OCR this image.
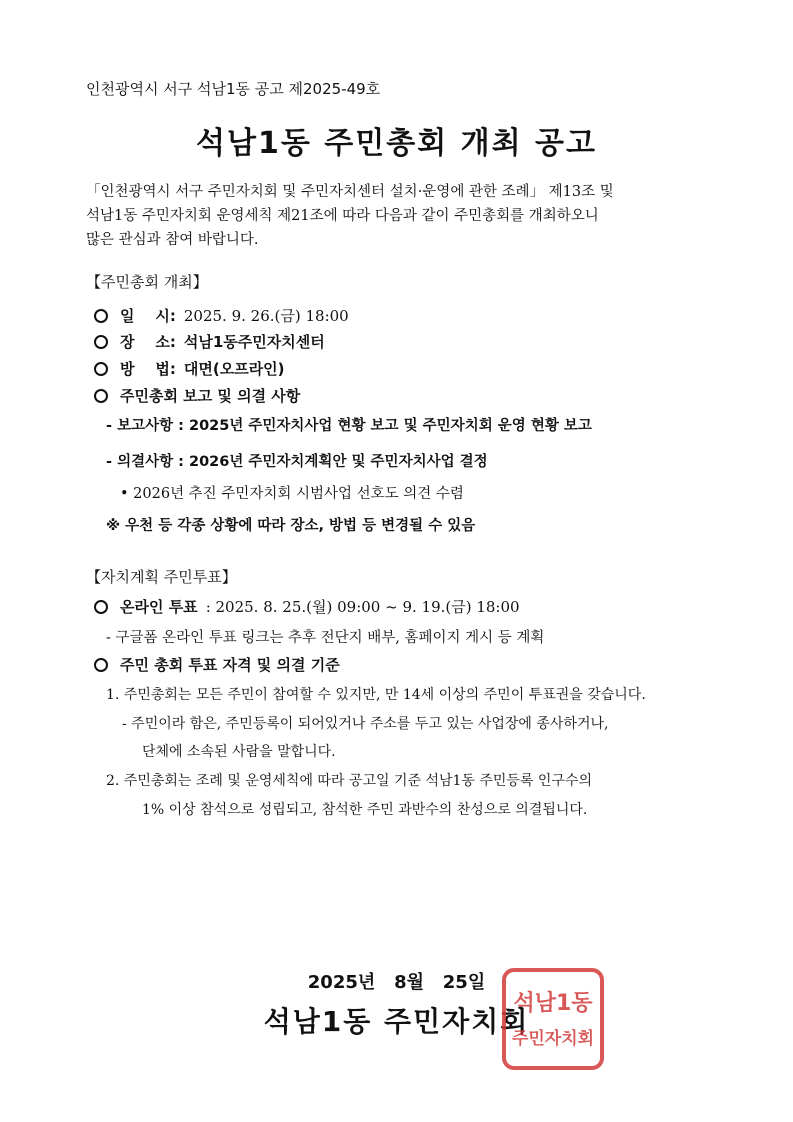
인천광역시 서구 석남1동 공고 제2025-49호
석남1동 주민총회 개최 공고
「인천광역시 서구 주민자치회 및 주민자치센터 설치·운영에 관한 조례」 제13조 및
석남1동 주민자치회 운영세칙 제21조에 따라 다음과 같이 주민총회를 개최하오니
많은 관심과 참여 바랍니다.
【주민총회 개최】
일    시: 2025. 9. 26.(금) 18:00
장    소: 석남1동주민자치센터
방    법: 대면(오프라인)
주민총회 보고 및 의결 사항
- 보고사항 : 2025년 주민자치사업 현황 보고 및 주민자치회 운영 현황 보고
- 의결사항 : 2026년 주민자치계획안 및 주민자치사업 결정
• 2026년 추진 주민자치회 시범사업 선호도 의견 수렴
※ 우천 등 각종 상황에 따라 장소, 방법 등 변경될 수 있음
【자치계획 주민투표】
온라인 투표 : 2025. 8. 25.(월) 09:00 ~ 9. 19.(금) 18:00
- 구글폼 온라인 투표 링크는 추후 전단지 배부, 홈페이지 게시 등 계획
주민 총회 투표 자격 및 의결 기준
1. 주민총회는 모든 주민이 참여할 수 있지만, 만 14세 이상의 주민이 투표권을 갖습니다.
- 주민이라 함은, 주민등록이 되어있거나 주소를 두고 있는 사업장에 종사하거나,
단체에 소속된 사람을 말합니다.
2. 주민총회는 조례 및 운영세칙에 따라 공고일 기준 석남1동 주민등록 인구수의
1% 이상 참석으로 성립되고, 참석한 주민 과반수의 찬성으로 의결됩니다.
2025년   8월   25일
석남1동 주민자치회
석남1동
주민자치회
